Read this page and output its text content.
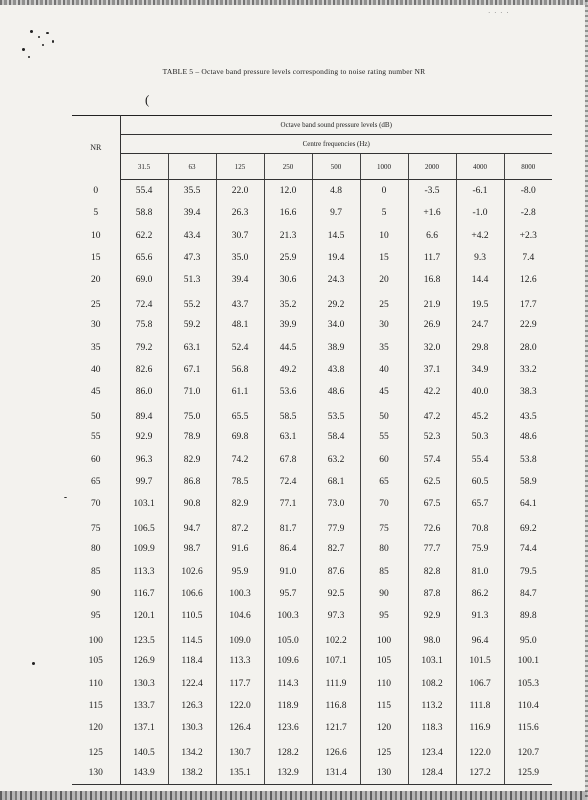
· · · ·
TABLE 5 – Octave band pressure levels corresponding to noise rating number NR
(
NR	Octave band sound pressure levels (dB)								
	Centre frequencies (Hz)								
	31.5	63	125	250	500	1000	2000	4000	8000
0	55.4	35.5	22.0	12.0	4.8	0	-3.5	-6.1	-8.0
5	58.8	39.4	26.3	16.6	9.7	5	+1.6	-1.0	-2.8
10	62.2	43.4	30.7	21.3	14.5	10	6.6	+4.2	+2.3
15	65.6	47.3	35.0	25.9	19.4	15	11.7	9.3	7.4
20	69.0	51.3	39.4	30.6	24.3	20	16.8	14.4	12.6
25	72.4	55.2	43.7	35.2	29.2	25	21.9	19.5	17.7
30	75.8	59.2	48.1	39.9	34.0	30	26.9	24.7	22.9
35	79.2	63.1	52.4	44.5	38.9	35	32.0	29.8	28.0
40	82.6	67.1	56.8	49.2	43.8	40	37.1	34.9	33.2
45	86.0	71.0	61.1	53.6	48.6	45	42.2	40.0	38.3
50	89.4	75.0	65.5	58.5	53.5	50	47.2	45.2	43.5
55	92.9	78.9	69.8	63.1	58.4	55	52.3	50.3	48.6
60	96.3	82.9	74.2	67.8	63.2	60	57.4	55.4	53.8
65	99.7	86.8	78.5	72.4	68.1	65	62.5	60.5	58.9
70	103.1	90.8	82.9	77.1	73.0	70	67.5	65.7	64.1
75	106.5	94.7	87.2	81.7	77.9	75	72.6	70.8	69.2
80	109.9	98.7	91.6	86.4	82.7	80	77.7	75.9	74.4
85	113.3	102.6	95.9	91.0	87.6	85	82.8	81.0	79.5
90	116.7	106.6	100.3	95.7	92.5	90	87.8	86.2	84.7
95	120.1	110.5	104.6	100.3	97.3	95	92.9	91.3	89.8
100	123.5	114.5	109.0	105.0	102.2	100	98.0	96.4	95.0
105	126.9	118.4	113.3	109.6	107.1	105	103.1	101.5	100.1
110	130.3	122.4	117.7	114.3	111.9	110	108.2	106.7	105.3
115	133.7	126.3	122.0	118.9	116.8	115	113.2	111.8	110.4
120	137.1	130.3	126.4	123.6	121.7	120	118.3	116.9	115.6
125	140.5	134.2	130.7	128.2	126.6	125	123.4	122.0	120.7
130	143.9	138.2	135.1	132.9	131.4	130	128.4	127.2	125.9
